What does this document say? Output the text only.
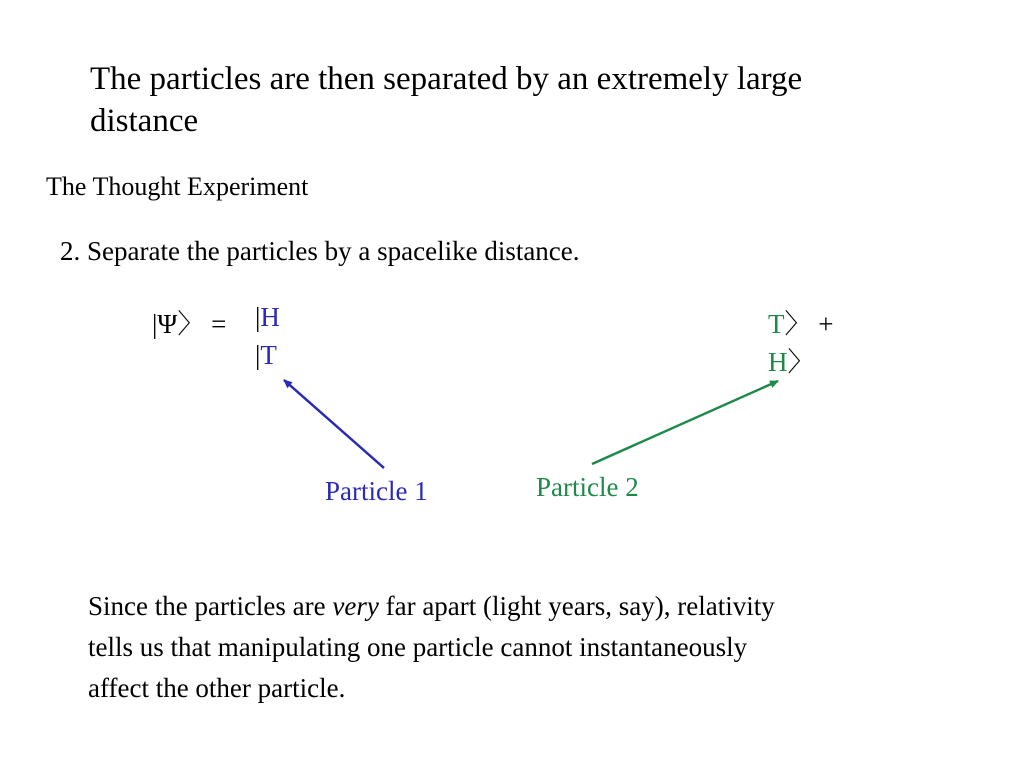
The particles are then separated by an extremely large distance
The Thought Experiment
2. Separate the particles by a spacelike distance.
|Ψ〉 = |H	T〉 +
|T	H〉
Particle 1	Particle 2
Since the particles are very far apart (light years, say), relativity
tells us that manipulating one particle cannot instantaneously
affect the other particle.
